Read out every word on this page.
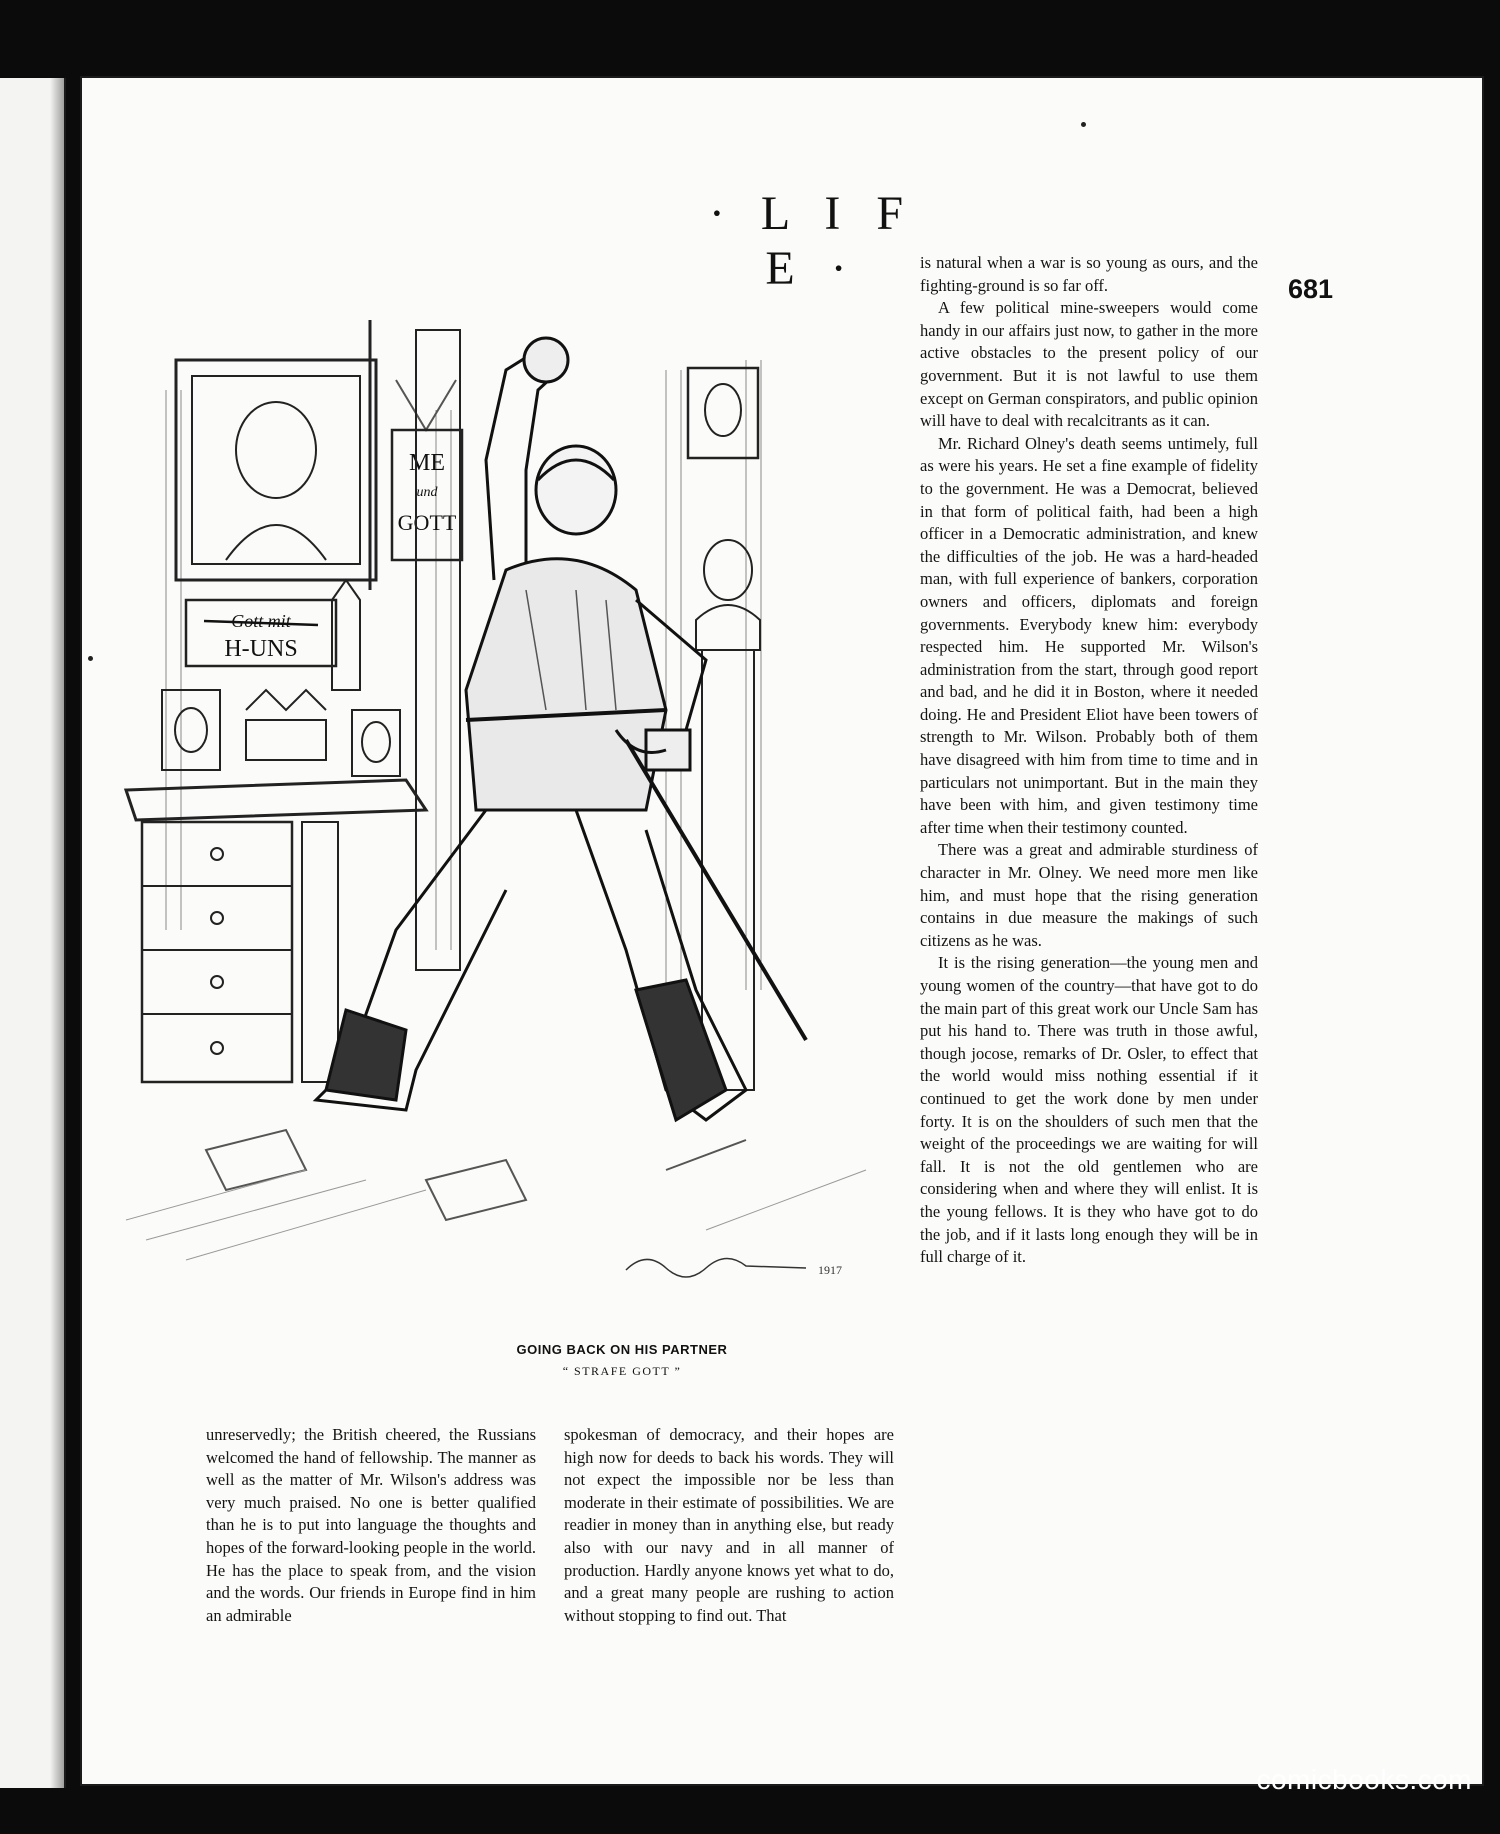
· L I F E ·	681
ME
und
GOTT
Gott mit
H-UNS
1917
GOING BACK ON HIS PARTNER
“ STRAFE GOTT ”

unreservedly; the British cheered, the Russians welcomed the hand of fellowship. The manner as well as the matter of Mr. Wilson's address was very much praised. No one is better qualified than he is to put into language the thoughts and hopes of the forward-looking people in the world. He has the place to speak from, and the vision and the words. Our friends in Europe find in him an admirable

spokesman of democracy, and their hopes are high now for deeds to back his words. They will not expect the impossible nor be less than moderate in their estimate of possibilities. We are readier in money than in anything else, but ready also with our navy and in all manner of production. Hardly anyone knows yet what to do, and a great many people are rushing to action without stopping to find out. That

is natural when a war is so young as ours, and the fighting-ground is so far off.

A few political mine-sweepers would come handy in our affairs just now, to gather in the more active obstacles to the present policy of our government. But it is not lawful to use them except on German conspirators, and public opinion will have to deal with recalcitrants as it can.

Mr. Richard Olney's death seems untimely, full as were his years. He set a fine example of fidelity to the government. He was a Democrat, believed in that form of political faith, had been a high officer in a Democratic administration, and knew the difficulties of the job. He was a hard-headed man, with full experience of bankers, corporation owners and officers, diplomats and foreign governments. Everybody knew him: everybody respected him. He supported Mr. Wilson's administration from the start, through good report and bad, and he did it in Boston, where it needed doing. He and President Eliot have been towers of strength to Mr. Wilson. Probably both of them have disagreed with him from time to time and in particulars not unimportant. But in the main they have been with him, and given testimony time after time when their testimony counted.

There was a great and admirable sturdiness of character in Mr. Olney. We need more men like him, and must hope that the rising generation contains in due measure the makings of such citizens as he was.

It is the rising generation—the young men and young women of the country—that have got to do the main part of this great work our Uncle Sam has put his hand to. There was truth in those awful, though jocose, remarks of Dr. Osler, to effect that the world would miss nothing essential if it continued to get the work done by men under forty. It is on the shoulders of such men that the weight of the proceedings we are waiting for will fall. It is not the old gentlemen who are considering when and where they will enlist. It is the young fellows. It is they who have got to do the job, and if it lasts long enough they will be in full charge of it.

comicbooks.com
